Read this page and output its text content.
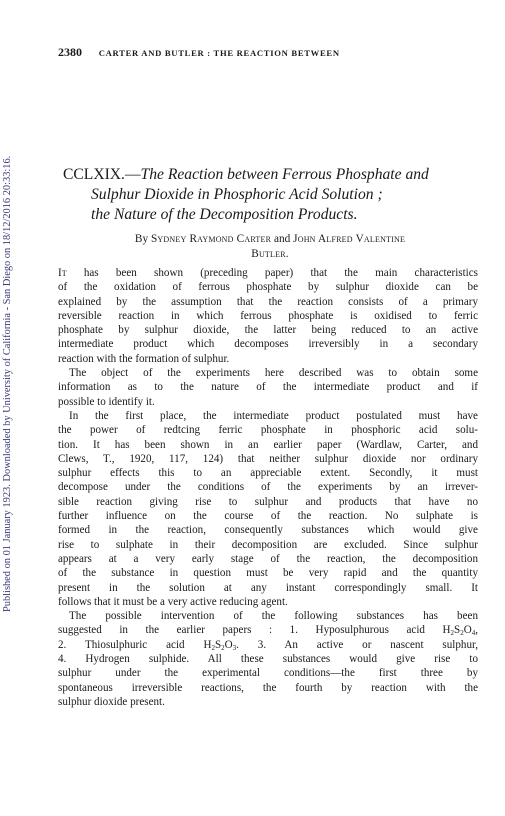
Published on 01 January 1923. Downloaded by University of California - San Diego on 18/12/2016 20:33:16.
2380 CARTER AND BUTLER : THE REACTION BETWEEN
CCLXIX.—The Reaction between Ferrous Phosphate and
Sulphur Dioxide in Phosphoric Acid Solution ;
the Nature of the Decomposition Products.
By Sydney Raymond Carter and John Alfred Valentine
Butler.
It has been shown (preceding paper) that the main characteristics
of the oxidation of ferrous phosphate by sulphur dioxide can be
explained by the assumption that the reaction consists of a primary
reversible reaction in which ferrous phosphate is oxidised to ferric
phosphate by sulphur dioxide, the latter being reduced to an active
intermediate product which decomposes irreversibly in a secondary
reaction with the formation of sulphur.
The object of the experiments here described was to obtain some
information as to the nature of the intermediate product and if
possible to identify it.
In the first place, the intermediate product postulated must have
the power of redtcing ferric phosphate in phosphoric acid solu-
tion. It has been shown in an earlier paper (Wardlaw, Carter, and
Clews, T., 1920, 117, 124) that neither sulphur dioxide nor ordinary
sulphur effects this to an appreciable extent. Secondly, it must
decompose under the conditions of the experiments by an irrever-
sible reaction giving rise to sulphur and products that have no
further influence on the course of the reaction. No sulphate is
formed in the reaction, consequently substances which would give
rise to sulphate in their decomposition are excluded. Since sulphur
appears at a very early stage of the reaction, the decomposition
of the substance in question must be very rapid and the quantity
present in the solution at any instant correspondingly small. It
follows that it must be a very active reducing agent.
The possible intervention of the following substances has been
suggested in the earlier papers : 1. Hyposulphurous acid $H_2S_2O_4$,
2. Thiosulphuric acid $H_2S_2O_3$. 3. An active or nascent sulphur,
4. Hydrogen sulphide. All these substances would give rise to
sulphur under the experimental conditions—the first three by
spontaneous irreversible reactions, the fourth by reaction with the
sulphur dioxide present.
